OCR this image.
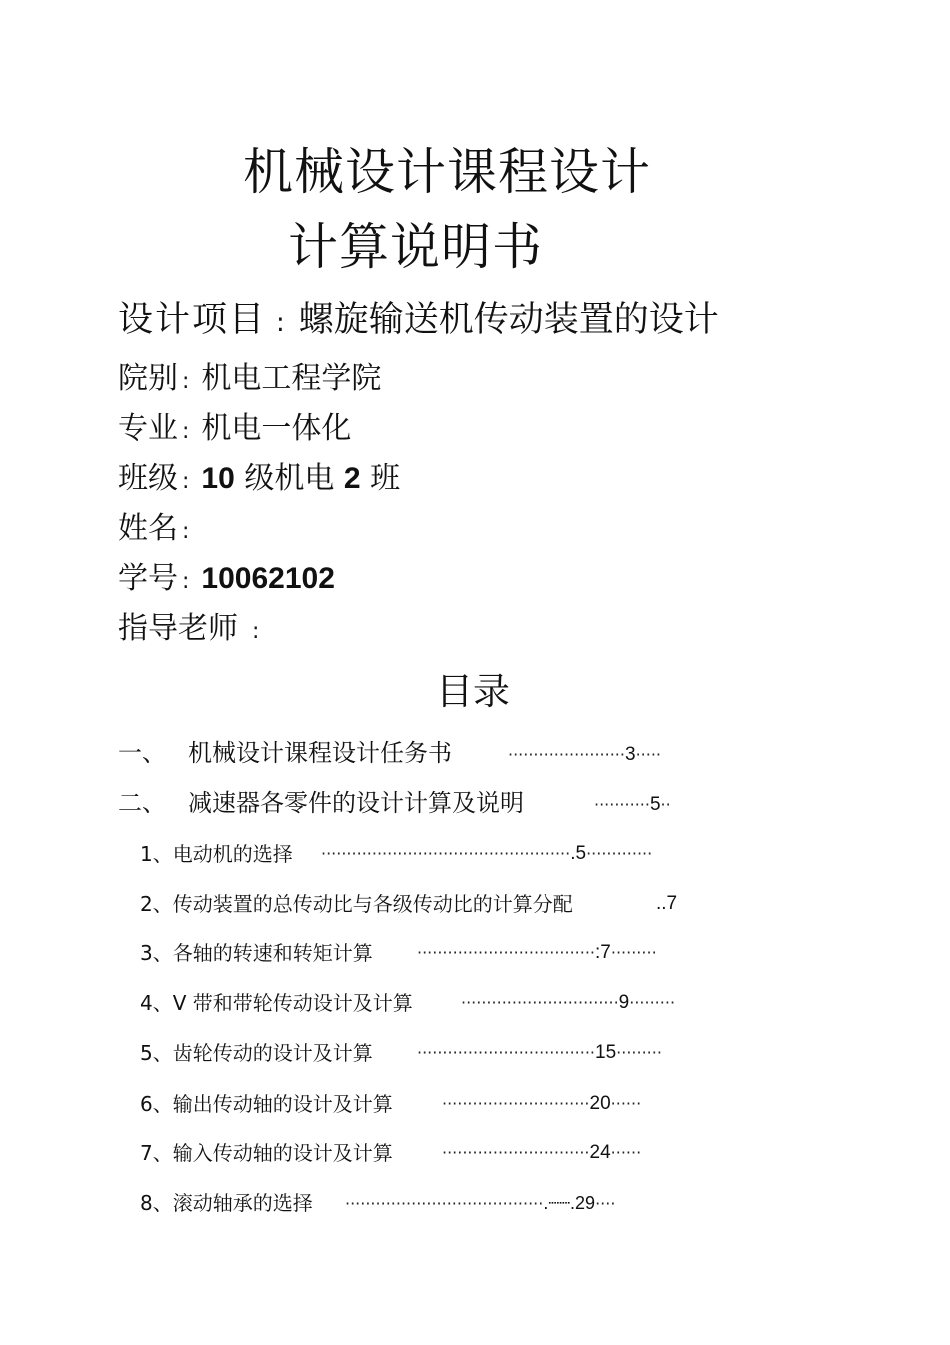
机械设计课程设计
计算说明书
设计项目 : 螺旋输送机传动装置的设计
院别 : 机电工程学院
专业 : 机电一体化
班级 : 10 级机电 2 班
姓名 :
学号 : 10062102
指导老师 :
目录
一、 机械设计课程设计任务书	·······················3·····
二、 减速器各零件的设计计算及说明	···········5··
1、电动机的选择 ·················································.5·············
2、传动装置的总传动比与各级传动比的计算分配	..7
3、各轴的转速和转矩计算	···································:7·········
4、V 带和带轮传动设计及计算	·······························9·········
5、齿轮传动的设计及计算	···································15·········
6、输出传动轴的设计及计算	·····························20······
7、输入传动轴的设计及计算	·····························24······
8、滚动轴承的选择 ·······································.┈┈.29····
